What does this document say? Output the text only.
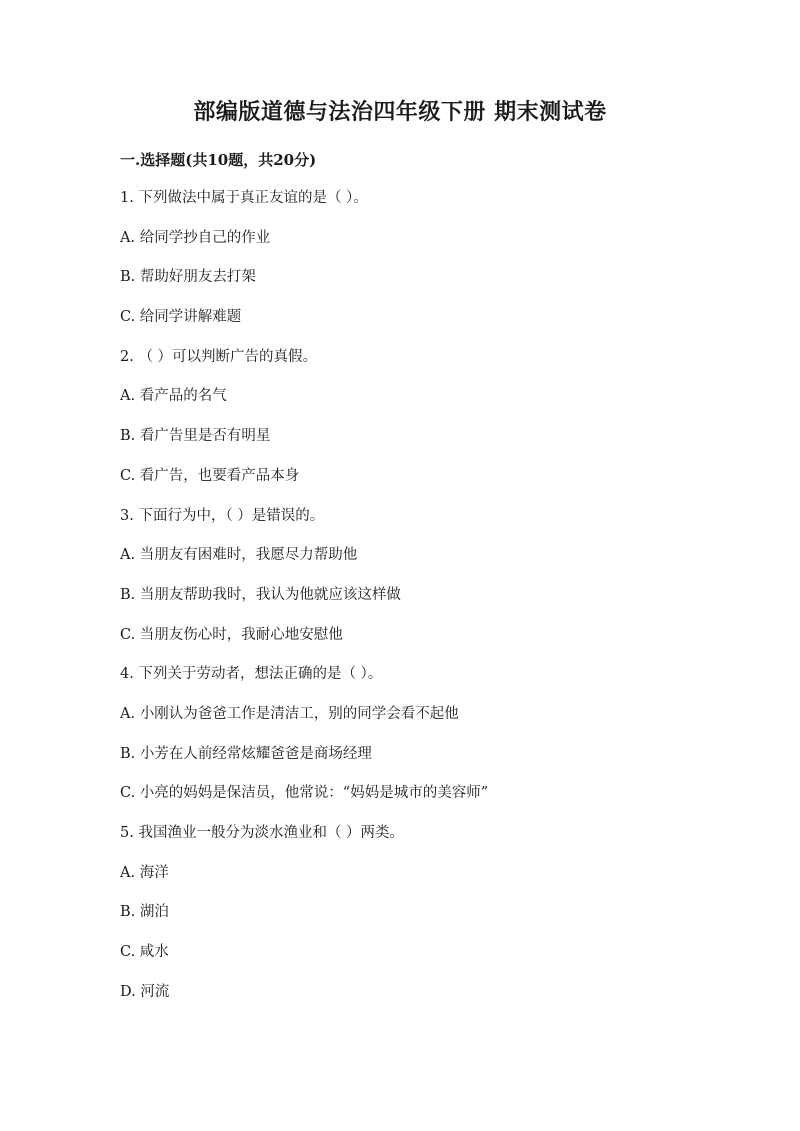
部编版道德与法治四年级下册 期末测试卷
一.选择题(共10题，共20分)
1. 下列做法中属于真正友谊的是（ ）。
A. 给同学抄自己的作业
B. 帮助好朋友去打架
C. 给同学讲解难题
2. （ ）可以判断广告的真假。
A. 看产品的名气
B. 看广告里是否有明星
C. 看广告，也要看产品本身
3. 下面行为中，（ ）是错误的。
A. 当朋友有困难时，我愿尽力帮助他
B. 当朋友帮助我时，我认为他就应该这样做
C. 当朋友伤心时，我耐心地安慰他
4. 下列关于劳动者，想法正确的是（ ）。
A. 小刚认为爸爸工作是清洁工，别的同学会看不起他
B. 小芳在人前经常炫耀爸爸是商场经理
C. 小亮的妈妈是保洁员，他常说：“妈妈是城市的美容师”
5. 我国渔业一般分为淡水渔业和（ ）两类。
A. 海洋
B. 湖泊
C. 咸水
D. 河流
